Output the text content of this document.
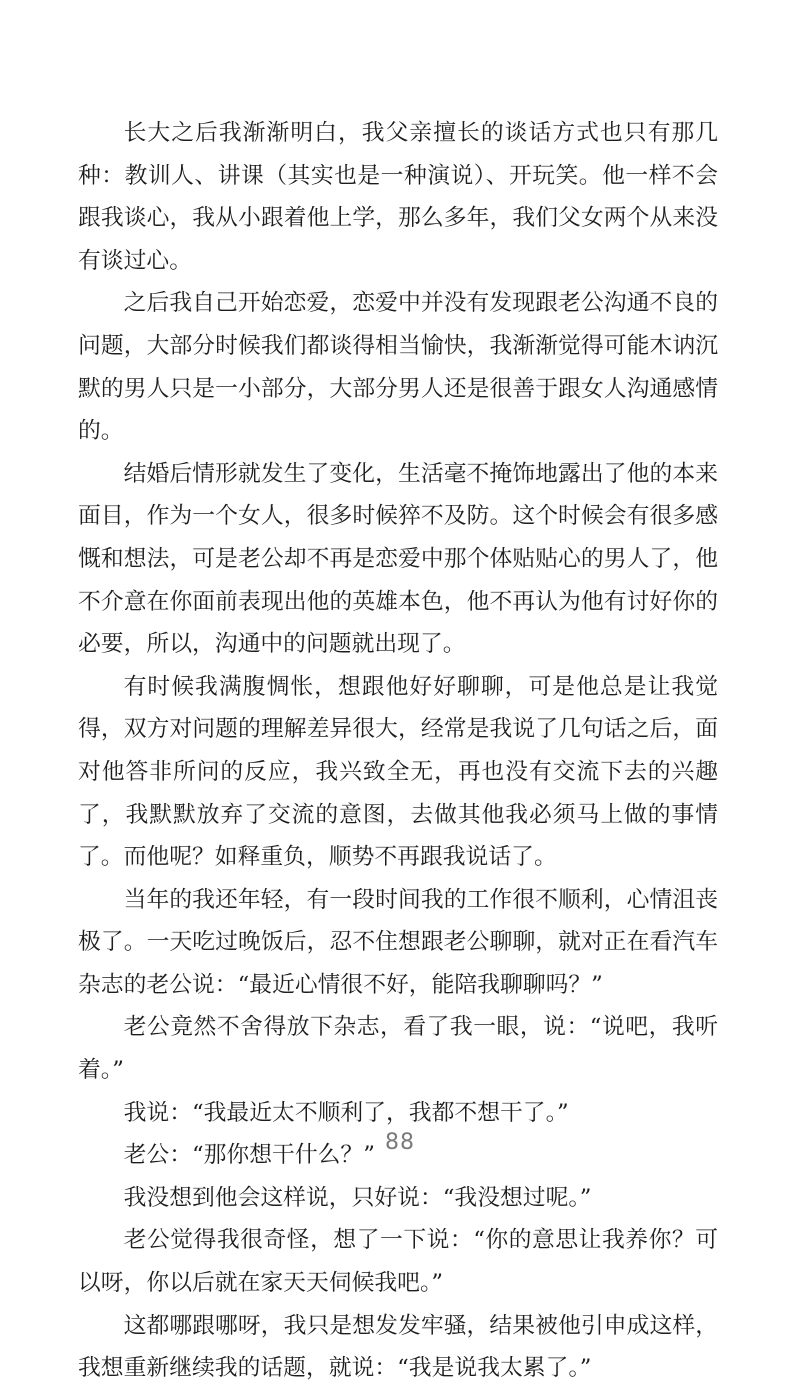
长大之后我渐渐明白，我父亲擅长的谈话方式也只有那几种：教训人、讲课（其实也是一种演说）、开玩笑。他一样不会跟我谈心，我从小跟着他上学，那么多年，我们父女两个从来没有谈过心。

之后我自己开始恋爱，恋爱中并没有发现跟老公沟通不良的问题，大部分时候我们都谈得相当愉快，我渐渐觉得可能木讷沉默的男人只是一小部分，大部分男人还是很善于跟女人沟通感情的。

结婚后情形就发生了变化，生活毫不掩饰地露出了他的本来面目，作为一个女人，很多时候猝不及防。这个时候会有很多感慨和想法，可是老公却不再是恋爱中那个体贴贴心的男人了，他不介意在你面前表现出他的英雄本色，他不再认为他有讨好你的必要，所以，沟通中的问题就出现了。

有时候我满腹惆怅，想跟他好好聊聊，可是他总是让我觉得，双方对问题的理解差异很大，经常是我说了几句话之后，面对他答非所问的反应，我兴致全无，再也没有交流下去的兴趣了，我默默放弃了交流的意图，去做其他我必须马上做的事情了。而他呢？如释重负，顺势不再跟我说话了。

当年的我还年轻，有一段时间我的工作很不顺利，心情沮丧极了。一天吃过晚饭后，忍不住想跟老公聊聊，就对正在看汽车杂志的老公说：“最近心情很不好，能陪我聊聊吗？”

老公竟然不舍得放下杂志，看了我一眼，说：“说吧，我听着。”

我说：“我最近太不顺利了，我都不想干了。”

老公：“那你想干什么？”

我没想到他会这样说，只好说：“我没想过呢。”

老公觉得我很奇怪，想了一下说：“你的意思让我养你？可以呀，你以后就在家天天伺候我吧。”

这都哪跟哪呀，我只是想发发牢骚，结果被他引申成这样，我想重新继续我的话题，就说：“我是说我太累了。”

88
